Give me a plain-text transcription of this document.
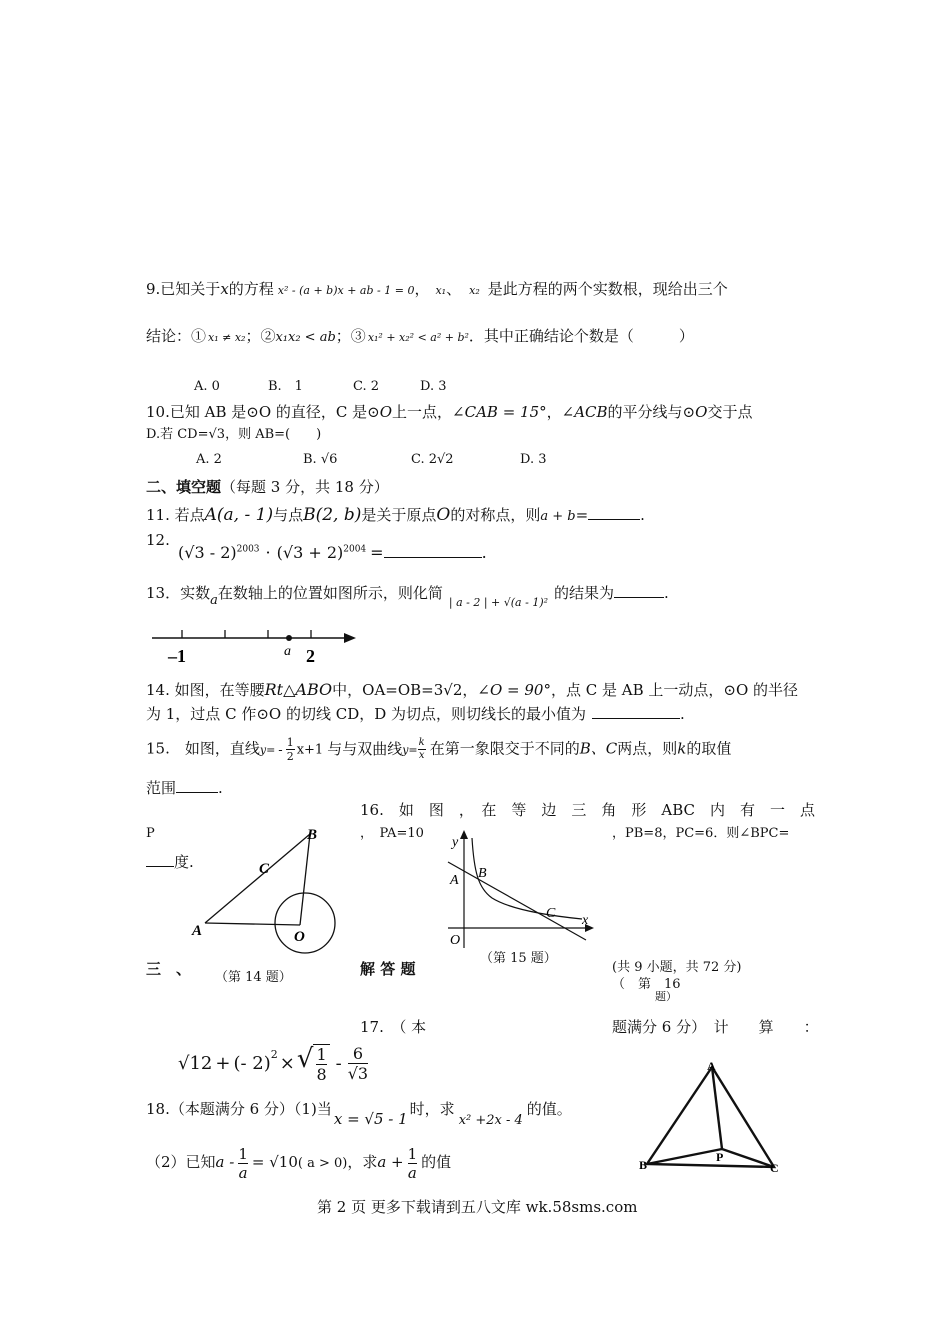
9.已知关于x的方程 x² - (a + b)x + ab - 1 = 0， x₁、 x₂ 是此方程的两个实数根，现给出三个
结论：① x₁ ≠ x₂；②x₁x₂ < ab；③ x₁² + x₂² < a² + b²．其中正确结论个数是（　　　）
A. 0	B.　1	C. 2	D. 3
10.已知 AB 是⊙O 的直径，C 是⊙O上一点，∠CAB = 15°，∠ACB的平分线与⊙O交于点
D.若 CD=√3，则 AB=(　　)
A. 2	B. √6	C. 2√2	D. 3
二、填空题（每题 3 分，共 18 分）
11. 若点A(a, - 1)与点B(2, b)是关于原点O的对称点，则a + b=	.
12.
$(√3 - 2)^{2003} \cdot (√3 + 2)^{2004}$ =	.
13．实数a在数轴上的位置如图所示，则化简$_{| a - 2 | + √(a - 1)^2}$的结果为	.
–1	2
a
14. 如图，在等腰Rt△ABO中，OA=OB=3√2，∠O = 90°，点 C 是 AB 上一动点，⊙O 的半径
为 1，过点 C 作⊙O 的切线 CD，D 为切点，则切线长的最小值为	.
15.　如图，直线$y= - \frac{1}{2} x+1$ 与与双曲线$y= \frac{k}{x}$ 在第一象限交于不同的B、C两点，则k的取值
范围	.
16.　如　图　，　在　等　边　三　角　形　ABC　内　有　一　点
P	，　PA=10	，PB=8，PC=6．则∠BPC=
度.
A
B
C
O
y
x
A B
C
O
（第 15 题）
三　、 （第 14 题）	解 答 题	(共 9 小题，共 72 分)
（　第　16
题）
17.　（ 本	题满分 6 分）　计　　算　　：
√12 + (- 2)$^2$ ×√ $\frac{1}{8} - \frac{6}{√3}$	A
B	C
P
18.（本题满分 6 分）（1)当x = √5 - 1时，求x² +2x - 4的值。
（2）已知$a - \frac{1}{a} = √10$( a > 0)，求$a + \frac{1}{a}$ 的值
第 2 页 更多下载请到五八文库 wk.58sms.com
